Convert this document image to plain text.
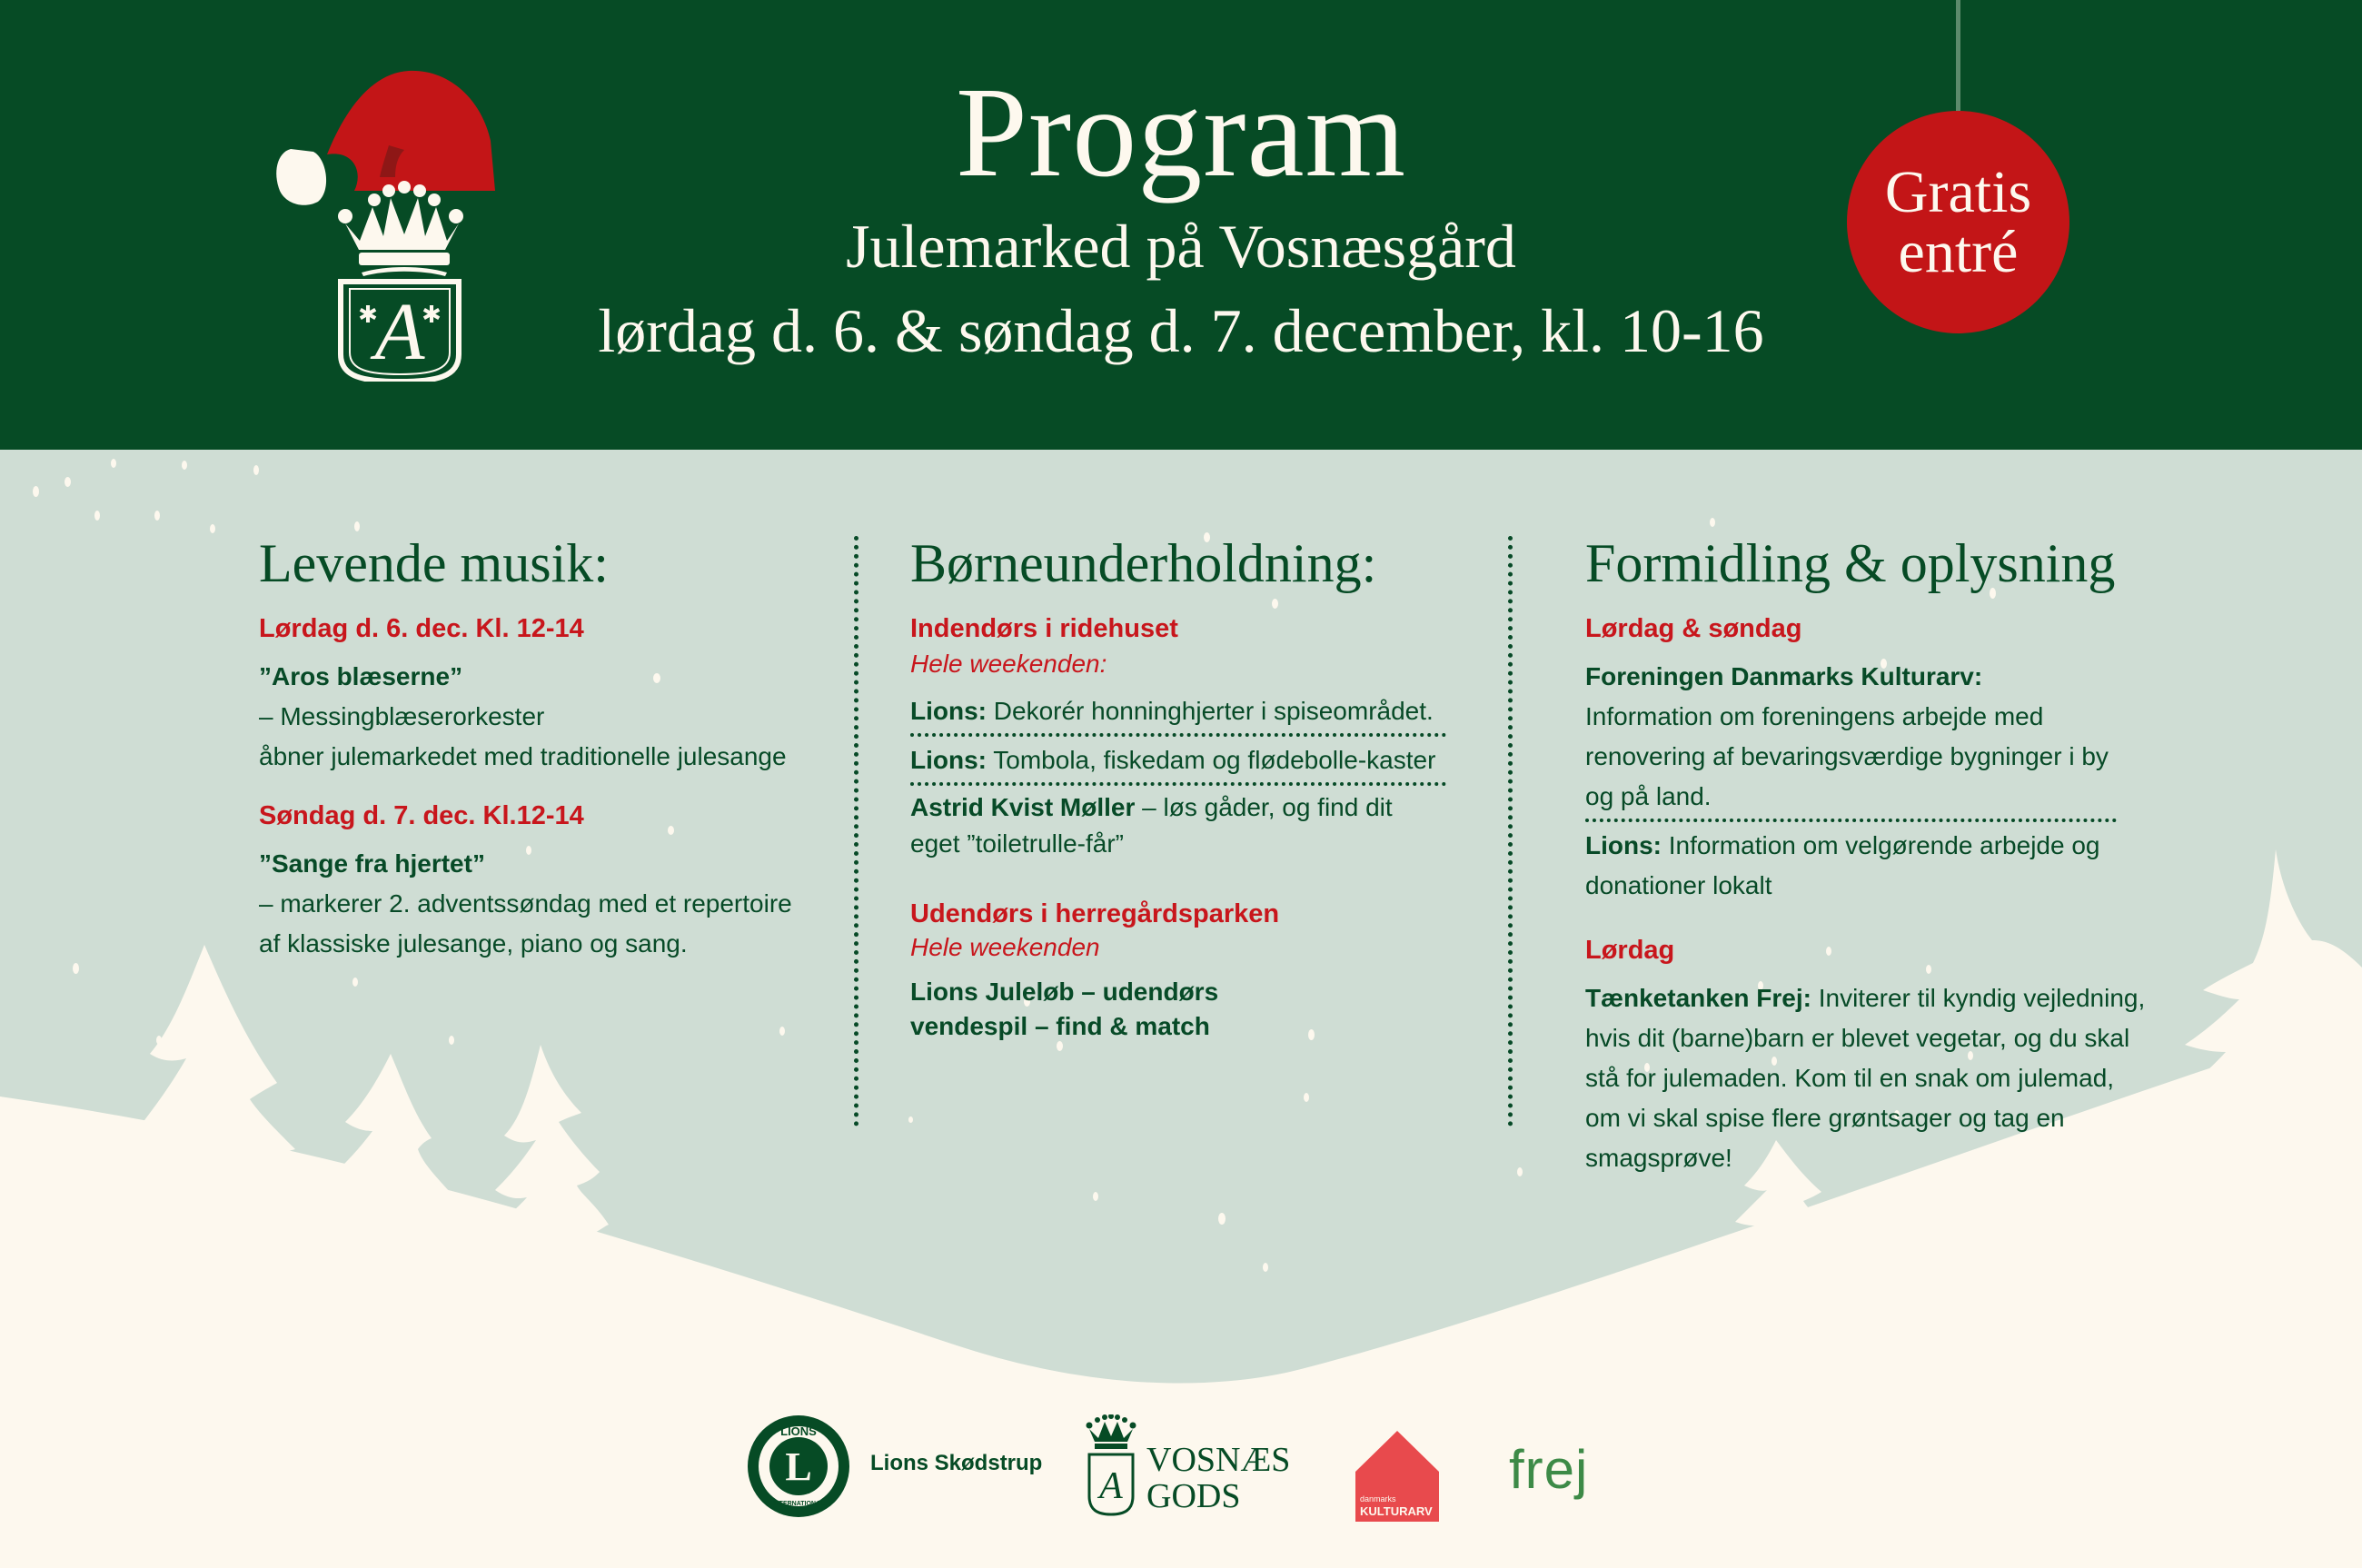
A
✱ ✱
Program
Julemarked på Vosnæsgård
lørdag d. 6. & søndag d. 7. december, kl. 10-16
Gratis
entré
Levende musik:
Lørdag d. 6. dec. Kl. 12-14
”Aros blæserne”
– Messingblæserorkester
åbner julemarkedet med traditionelle julesange
Søndag d. 7. dec. Kl.12-14
”Sange fra hjertet”
– markerer 2. adventssøndag med et repertoire
af klassiske julesange, piano og sang.
Børneunderholdning:
Indendørs i ridehuset
Hele weekenden:
Lions: Dekorér honninghjerter i spiseområdet.
Lions: Tombola, fiskedam og flødebolle-kaster
Astrid Kvist Møller – løs gåder, og find dit eget ”toiletrulle-får”
Udendørs i herregårdsparken
Hele weekenden
Lions Juleløb – udendørs vendespil – find & match
Formidling & oplysning
Lørdag & søndag
Foreningen Danmarks Kulturarv: Information om foreningens arbejde med renovering af bevaringsværdige bygninger i by og på land.
Lions: Information om velgørende arbejde og donationer lokalt
Lørdag
Tænketanken Frej: Inviterer til kyndig vejledning, hvis dit (barne)barn er blevet vegetar, og du skal stå for julemaden. Kom til en snak om julemad, om vi skal spise flere grøntsager og tag en smagsprøve!
L
LIONS
INTERNATIONAL
Lions Skødstrup
A
VOSNÆS
GODS	danmarks
KULTURARV
frej
